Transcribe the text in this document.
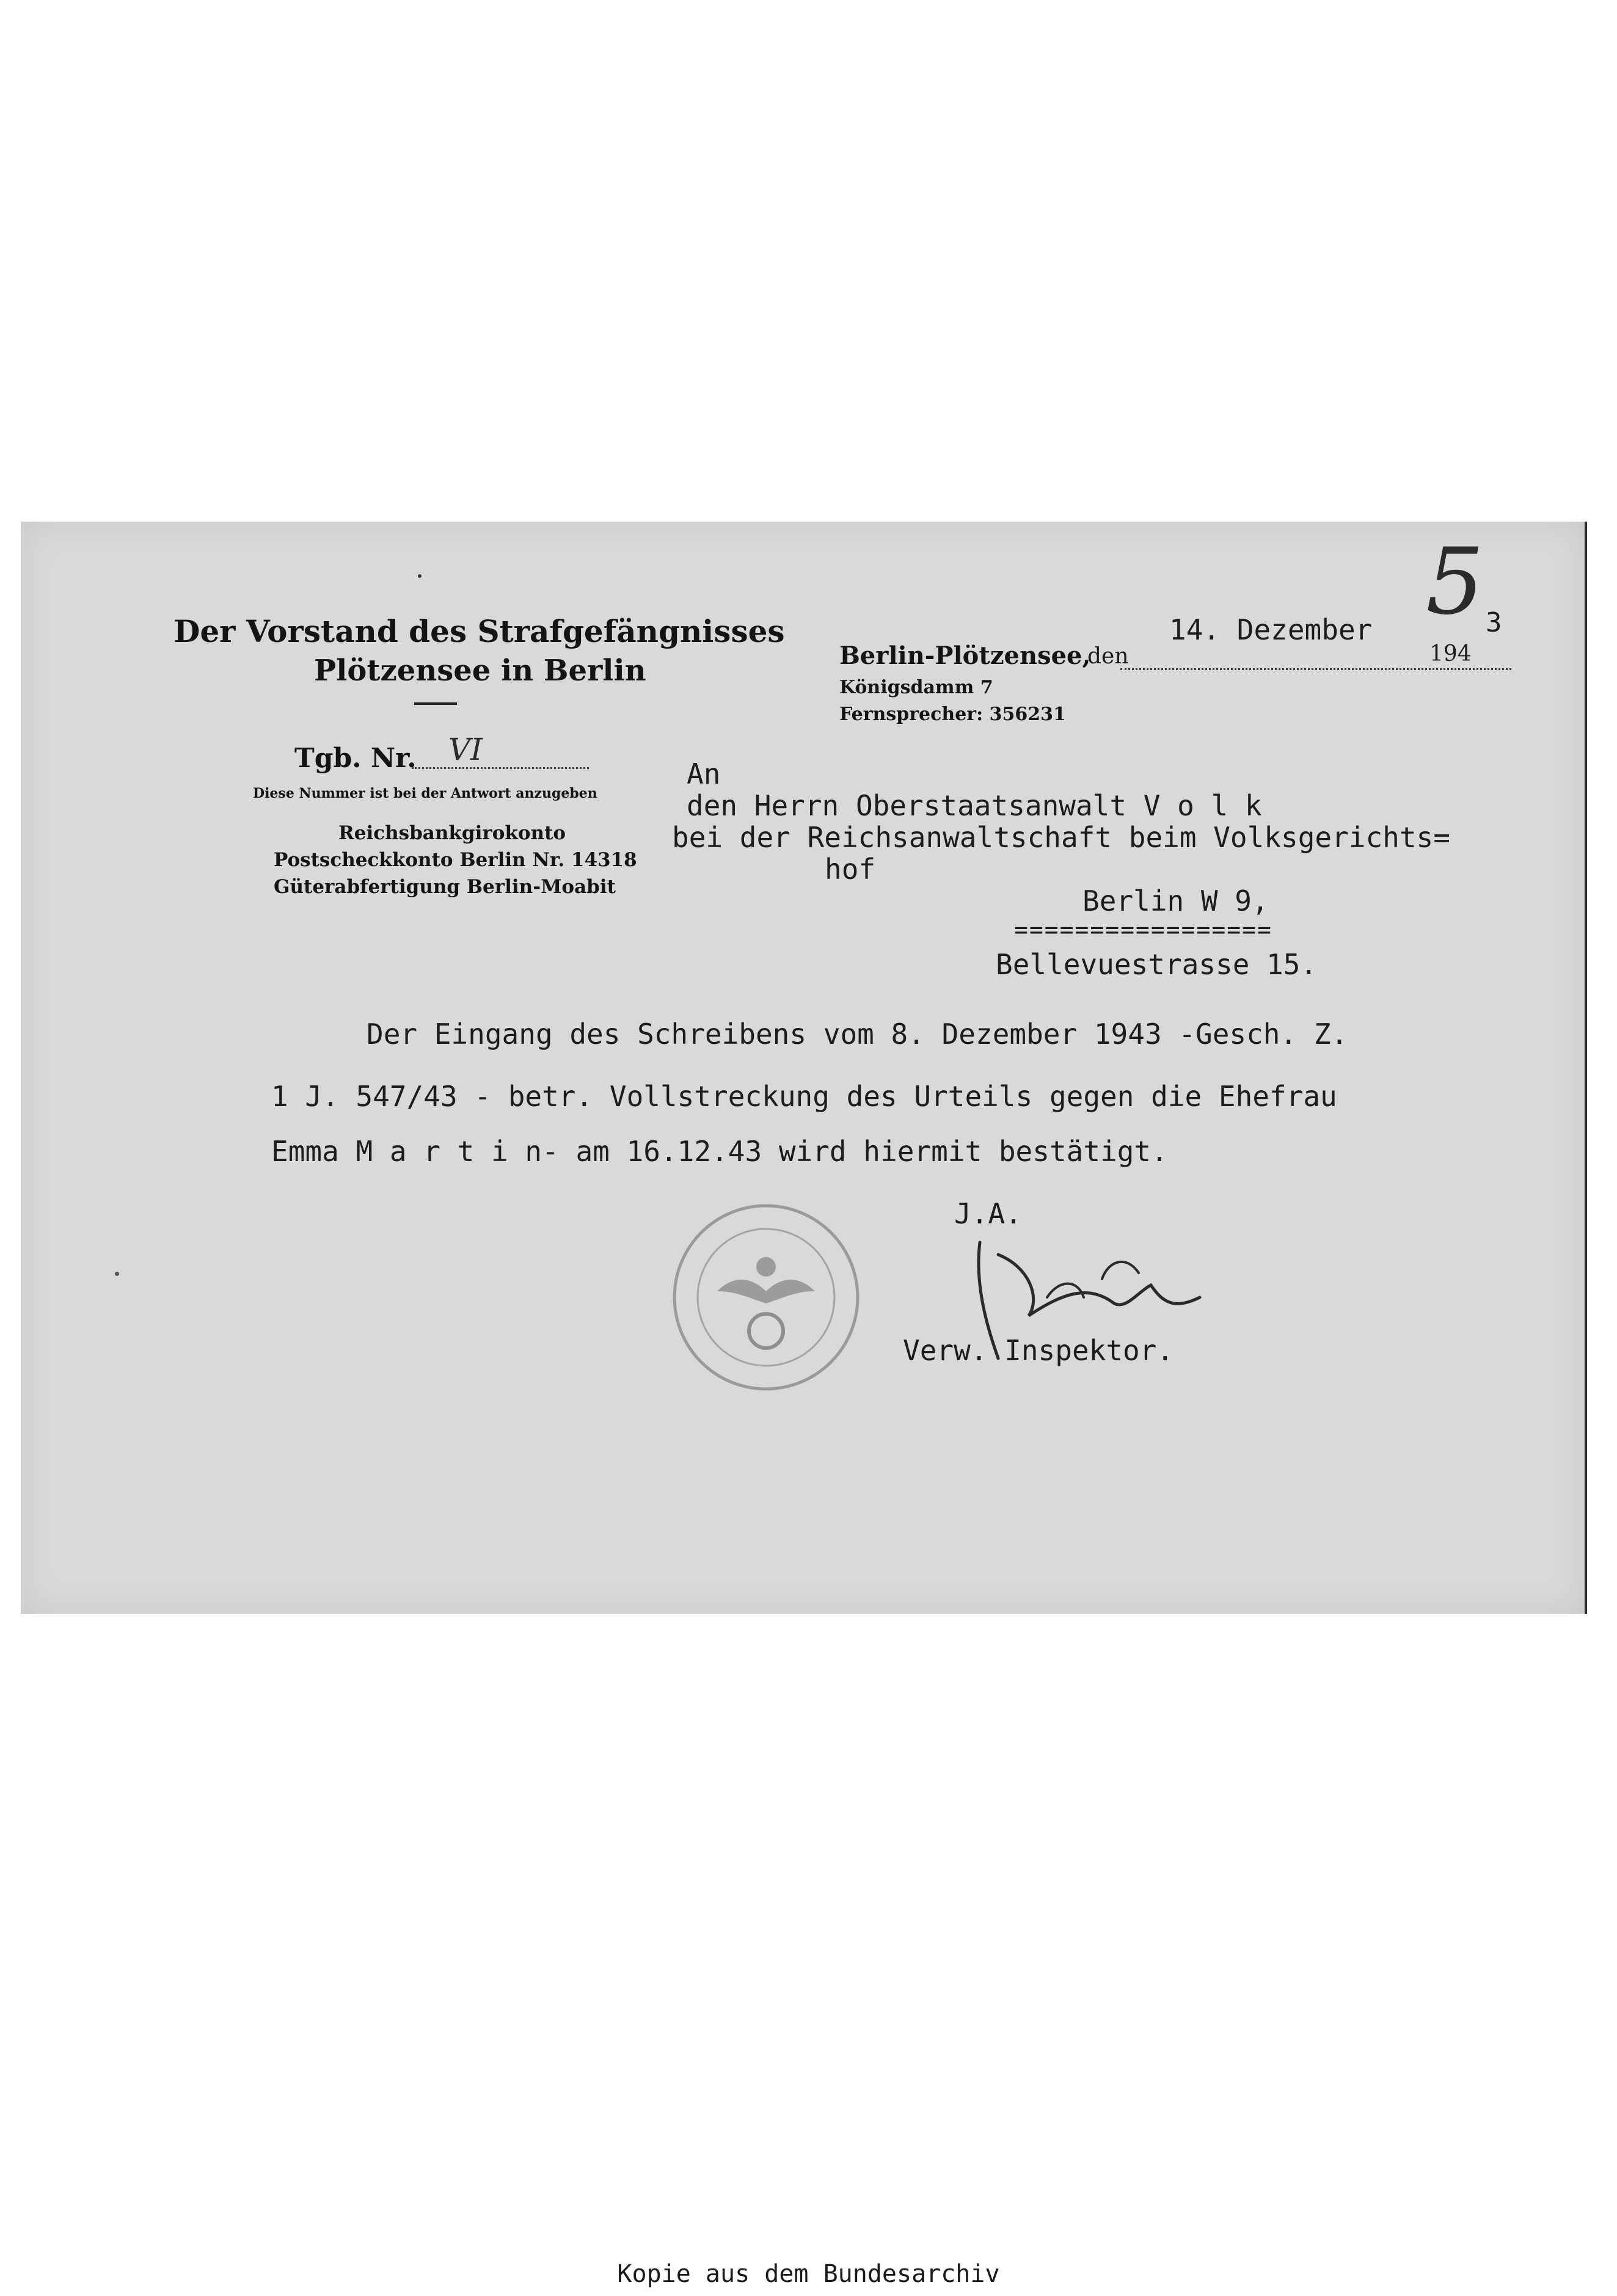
Der Vorstand des Strafgefängnisses
Plötzensee in Berlin
Tgb. Nr. VI
Diese Nummer ist bei der Antwort anzugeben
Reichsbankgirokonto
Postscheckkonto Berlin Nr. 14318
Güterabfertigung Berlin-Moabit
Berlin-Plötzensee,
den
14. Dezember
194
3
5
Königsdamm 7
Fernsprecher: 356231
An
den Herrn Oberstaatsanwalt V o l k
bei der Reichsanwaltschaft beim Volksgerichts=
hof
Berlin W 9,
=================
Bellevuestrasse 15.
Der Eingang des Schreibens vom 8. Dezember 1943 -Gesch. Z.
1 J. 547/43 - betr. Vollstreckung des Urteils gegen die Ehefrau
Emma M a r t i n- am 16.12.43 wird hiermit bestätigt.
J.A.
Verw. Inspektor.
Kopie aus dem Bundesarchiv
